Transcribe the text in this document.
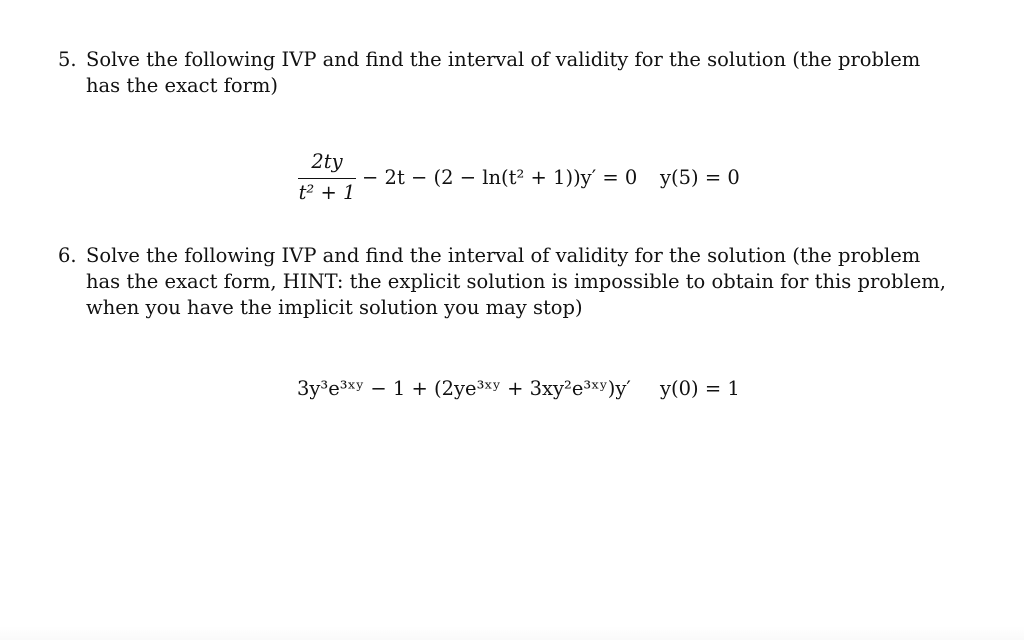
5. Solve the following IVP and find the interval of validity for the solution (the problem has the exact form)
2ty
t² + 1
− 2t − (2 − ln(t² + 1))y′ = 0 y(5) = 0
6. Solve the following IVP and find the interval of validity for the solution (the problem has the exact form, HINT: the explicit solution is impossible to obtain for this problem, when you have the implicit solution you may stop)
3y³e³ˣʸ − 1 + (2ye³ˣʸ + 3xy²e³ˣʸ)y′ y(0) = 1
